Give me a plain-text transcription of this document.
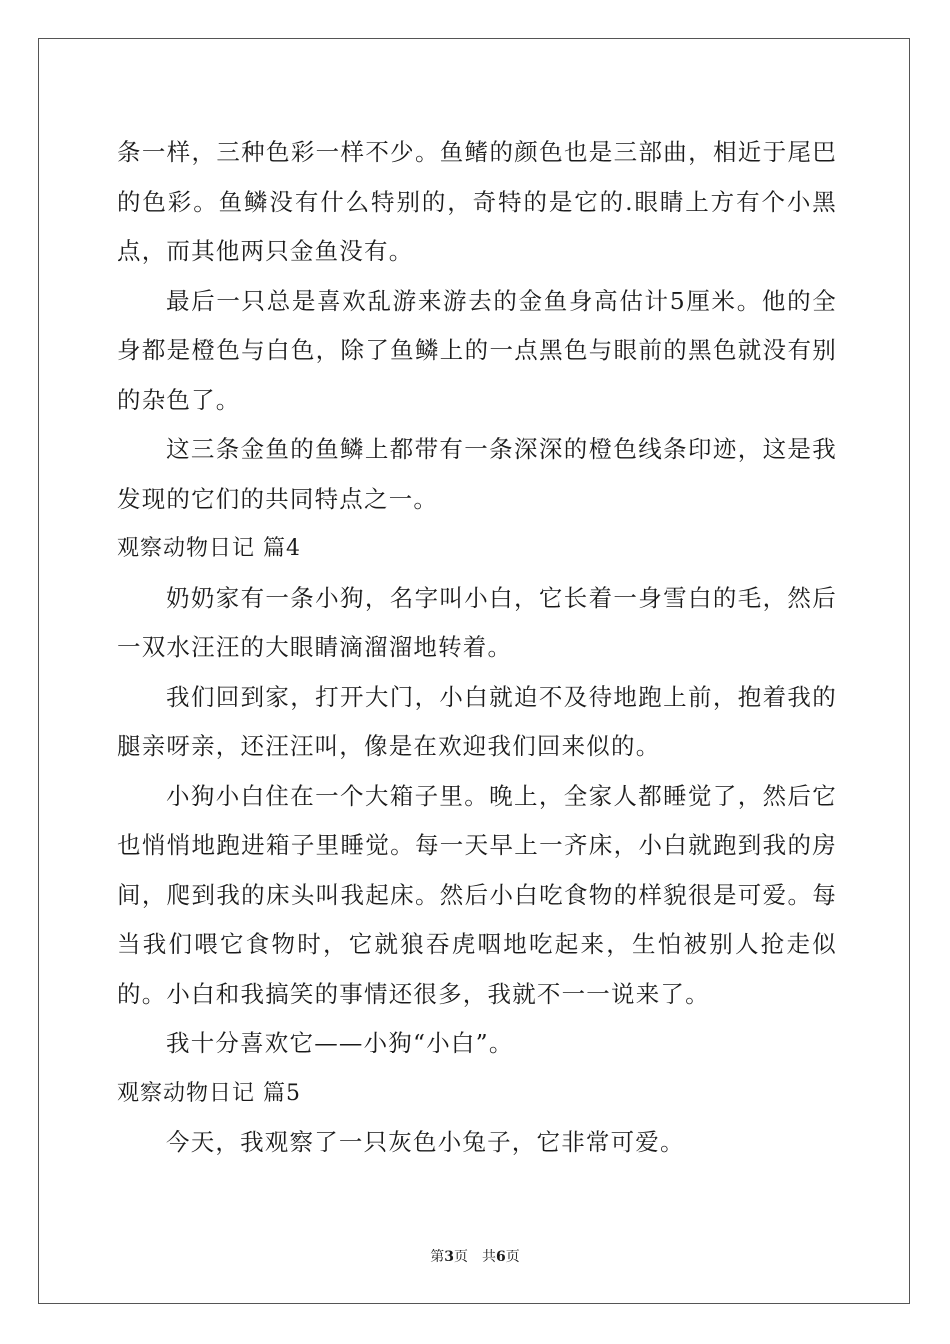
条一样，三种色彩一样不少。鱼鳍的颜色也是三部曲，相近于尾巴的色彩。鱼鳞没有什么特别的，奇特的是它的.眼睛上方有个小黑点，而其他两只金鱼没有。

最后一只总是喜欢乱游来游去的金鱼身高估计5厘米。他的全身都是橙色与白色，除了鱼鳞上的一点黑色与眼前的黑色就没有别的杂色了。

这三条金鱼的鱼鳞上都带有一条深深的橙色线条印迹，这是我发现的它们的共同特点之一。

观察动物日记 篇4

奶奶家有一条小狗，名字叫小白，它长着一身雪白的毛，然后一双水汪汪的大眼睛滴溜溜地转着。

我们回到家，打开大门，小白就迫不及待地跑上前，抱着我的腿亲呀亲，还汪汪叫，像是在欢迎我们回来似的。

小狗小白住在一个大箱子里。晚上，全家人都睡觉了，然后它也悄悄地跑进箱子里睡觉。每一天早上一齐床，小白就跑到我的房间，爬到我的床头叫我起床。然后小白吃食物的样貌很是可爱。每当我们喂它食物时，它就狼吞虎咽地吃起来，生怕被别人抢走似的。小白和我搞笑的事情还很多，我就不一一说来了。

我十分喜欢它——小狗“小白”。

观察动物日记 篇5

今天，我观察了一只灰色小兔子，它非常可爱。

第3页 共6页
